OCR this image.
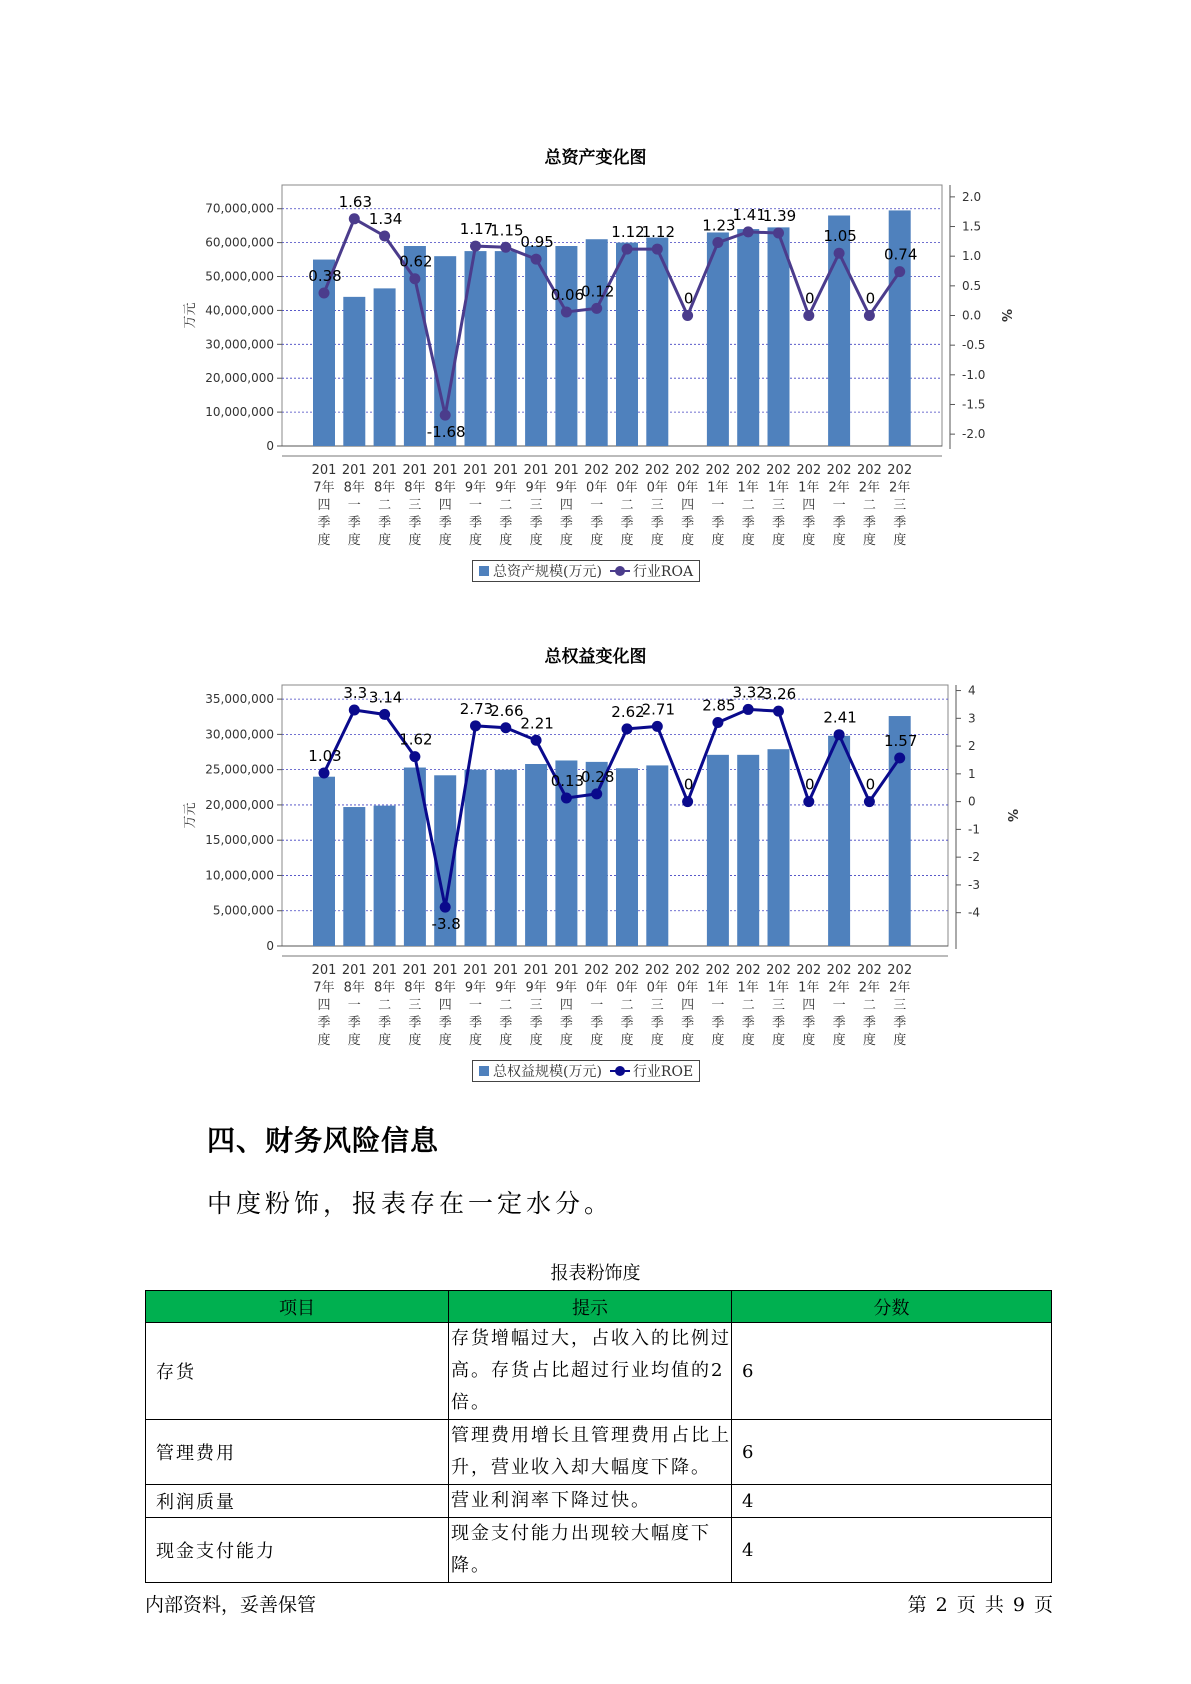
总资产变化图
0
10,000,000
20,000,000
30,000,000
40,000,000
50,000,000
60,000,000
70,000,000
-2.0
-1.5
-1.0
-0.5
0.0
0.5
1.0
1.5
2.0
万元	%
0.38
1.63
1.34
0.62
-1.68
1.17
1.15
0.95
0.06
0.12
1.12
1.12
0
1.23
1.41
1.39
0
1.05
0
0.74
201 7年四季度
201 8年一季度
201 8年二季度
201 8年三季度
201 8年四季度
201 9年一季度
201 9年二季度
201 9年三季度
201 9年四季度
202 0年一季度
202 0年二季度
202 0年三季度
202 0年四季度
202 1年一季度
202 1年二季度
202 1年三季度
202 1年四季度
202 2年一季度
202 2年二季度
202 2年三季度
总资产规模(万元) 行业ROA
总权益变化图
0
5,000,000
10,000,000
15,000,000
20,000,000
25,000,000
30,000,000
35,000,000
-4
-3
-2
-1
0
1
2
3
4
万元	%
1.03
3.3 3.14
1.62
-3.8
2.73
2.66
2.21
0.13
0.28
2.62
2.71
0
2.85
3.32
3.26
0
2.41
0
1.57
201 7年四季度
201 8年一季度
201 8年二季度
201 8年三季度
201 8年四季度
201 9年一季度
201 9年二季度
201 9年三季度
201 9年四季度
202 0年一季度
202 0年二季度
202 0年三季度
202 0年四季度
202 1年一季度
202 1年二季度
202 1年三季度
202 1年四季度
202 2年一季度
202 2年二季度
202 2年三季度
总权益规模(万元) 行业ROE
四、财务风险信息
中度粉饰，报表存在一定水分。
报表粉饰度
项目	提示	分数
存货	存货增幅过大，占收入的比例过高。存货占比超过行业均值的2倍。	6
管理费用	管理费用增长且管理费用占比上升，营业收入却大幅度下降。	6
利润质量	营业利润率下降过快。	4
现金支付能力	现金支付能力出现较大幅度下降。	4
内部资料，妥善保管	第 2 页 共 9 页
